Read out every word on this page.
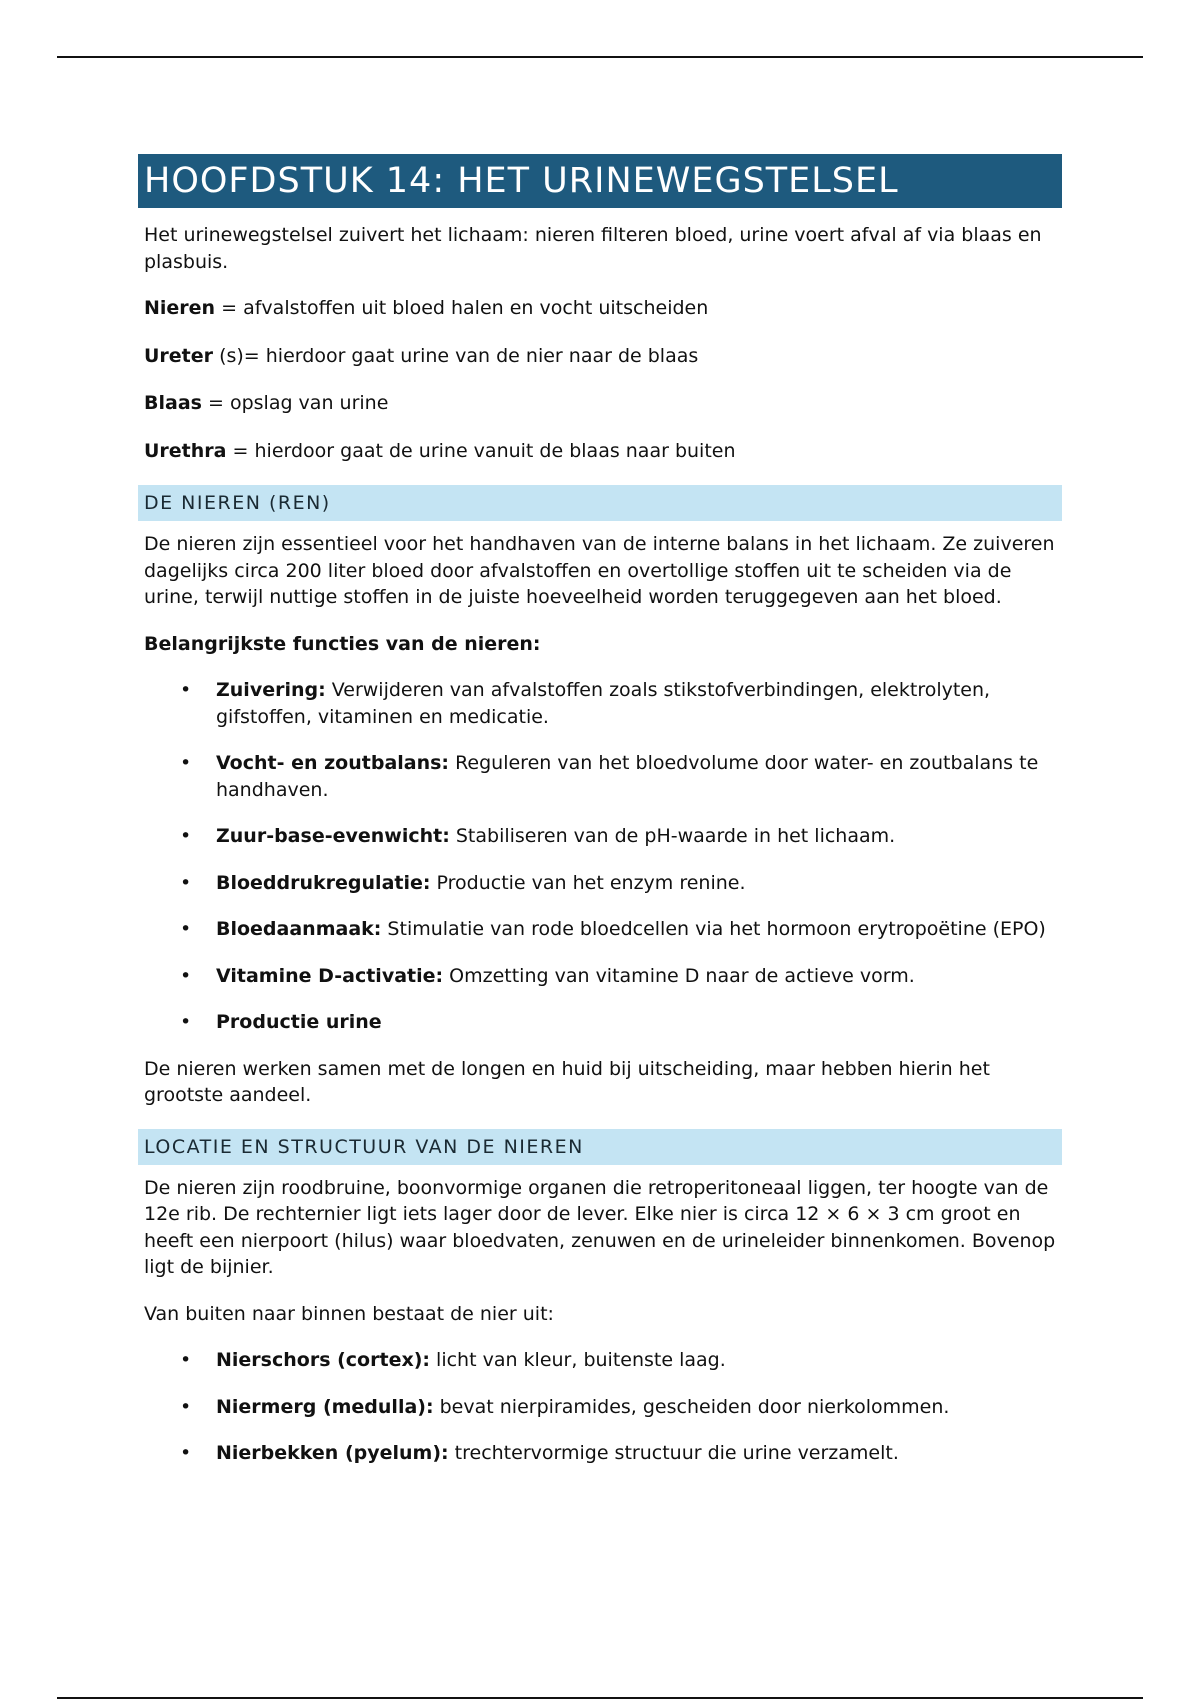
HOOFDSTUK 14: HET URINEWEGSTELSEL

Het urinewegstelsel zuivert het lichaam: nieren filteren bloed, urine voert afval af via blaas en plasbuis.

Nieren = afvalstoffen uit bloed halen en vocht uitscheiden

Ureter (s)= hierdoor gaat urine van de nier naar de blaas

Blaas = opslag van urine

Urethra = hierdoor gaat de urine vanuit de blaas naar buiten

DE NIEREN (REN)

De nieren zijn essentieel voor het handhaven van de interne balans in het lichaam. Ze zuiveren dagelijks circa 200 liter bloed door afvalstoffen en overtollige stoffen uit te scheiden via de urine, terwijl nuttige stoffen in de juiste hoeveelheid worden teruggegeven aan het bloed.

Belangrijkste functies van de nieren:

• Zuivering: Verwijderen van afvalstoffen zoals stikstofverbindingen, elektrolyten, gifstoffen, vitaminen en medicatie.
• Vocht- en zoutbalans: Reguleren van het bloedvolume door water- en zoutbalans te handhaven.
• Zuur-base-evenwicht: Stabiliseren van de pH-waarde in het lichaam.
• Bloeddrukregulatie: Productie van het enzym renine.
• Bloedaanmaak: Stimulatie van rode bloedcellen via het hormoon erytropoëtine (EPO)
• Vitamine D-activatie: Omzetting van vitamine D naar de actieve vorm.
• Productie urine

De nieren werken samen met de longen en huid bij uitscheiding, maar hebben hierin het grootste aandeel.

LOCATIE EN STRUCTUUR VAN DE NIEREN

De nieren zijn roodbruine, boonvormige organen die retroperitoneaal liggen, ter hoogte van de 12e rib. De rechternier ligt iets lager door de lever. Elke nier is circa 12 × 6 × 3 cm groot en heeft een nierpoort (hilus) waar bloedvaten, zenuwen en de urineleider binnenkomen. Bovenop ligt de bijnier.

Van buiten naar binnen bestaat de nier uit:

• Nierschors (cortex): licht van kleur, buitenste laag.
• Niermerg (medulla): bevat nierpiramides, gescheiden door nierkolommen.
• Nierbekken (pyelum): trechtervormige structuur die urine verzamelt.
